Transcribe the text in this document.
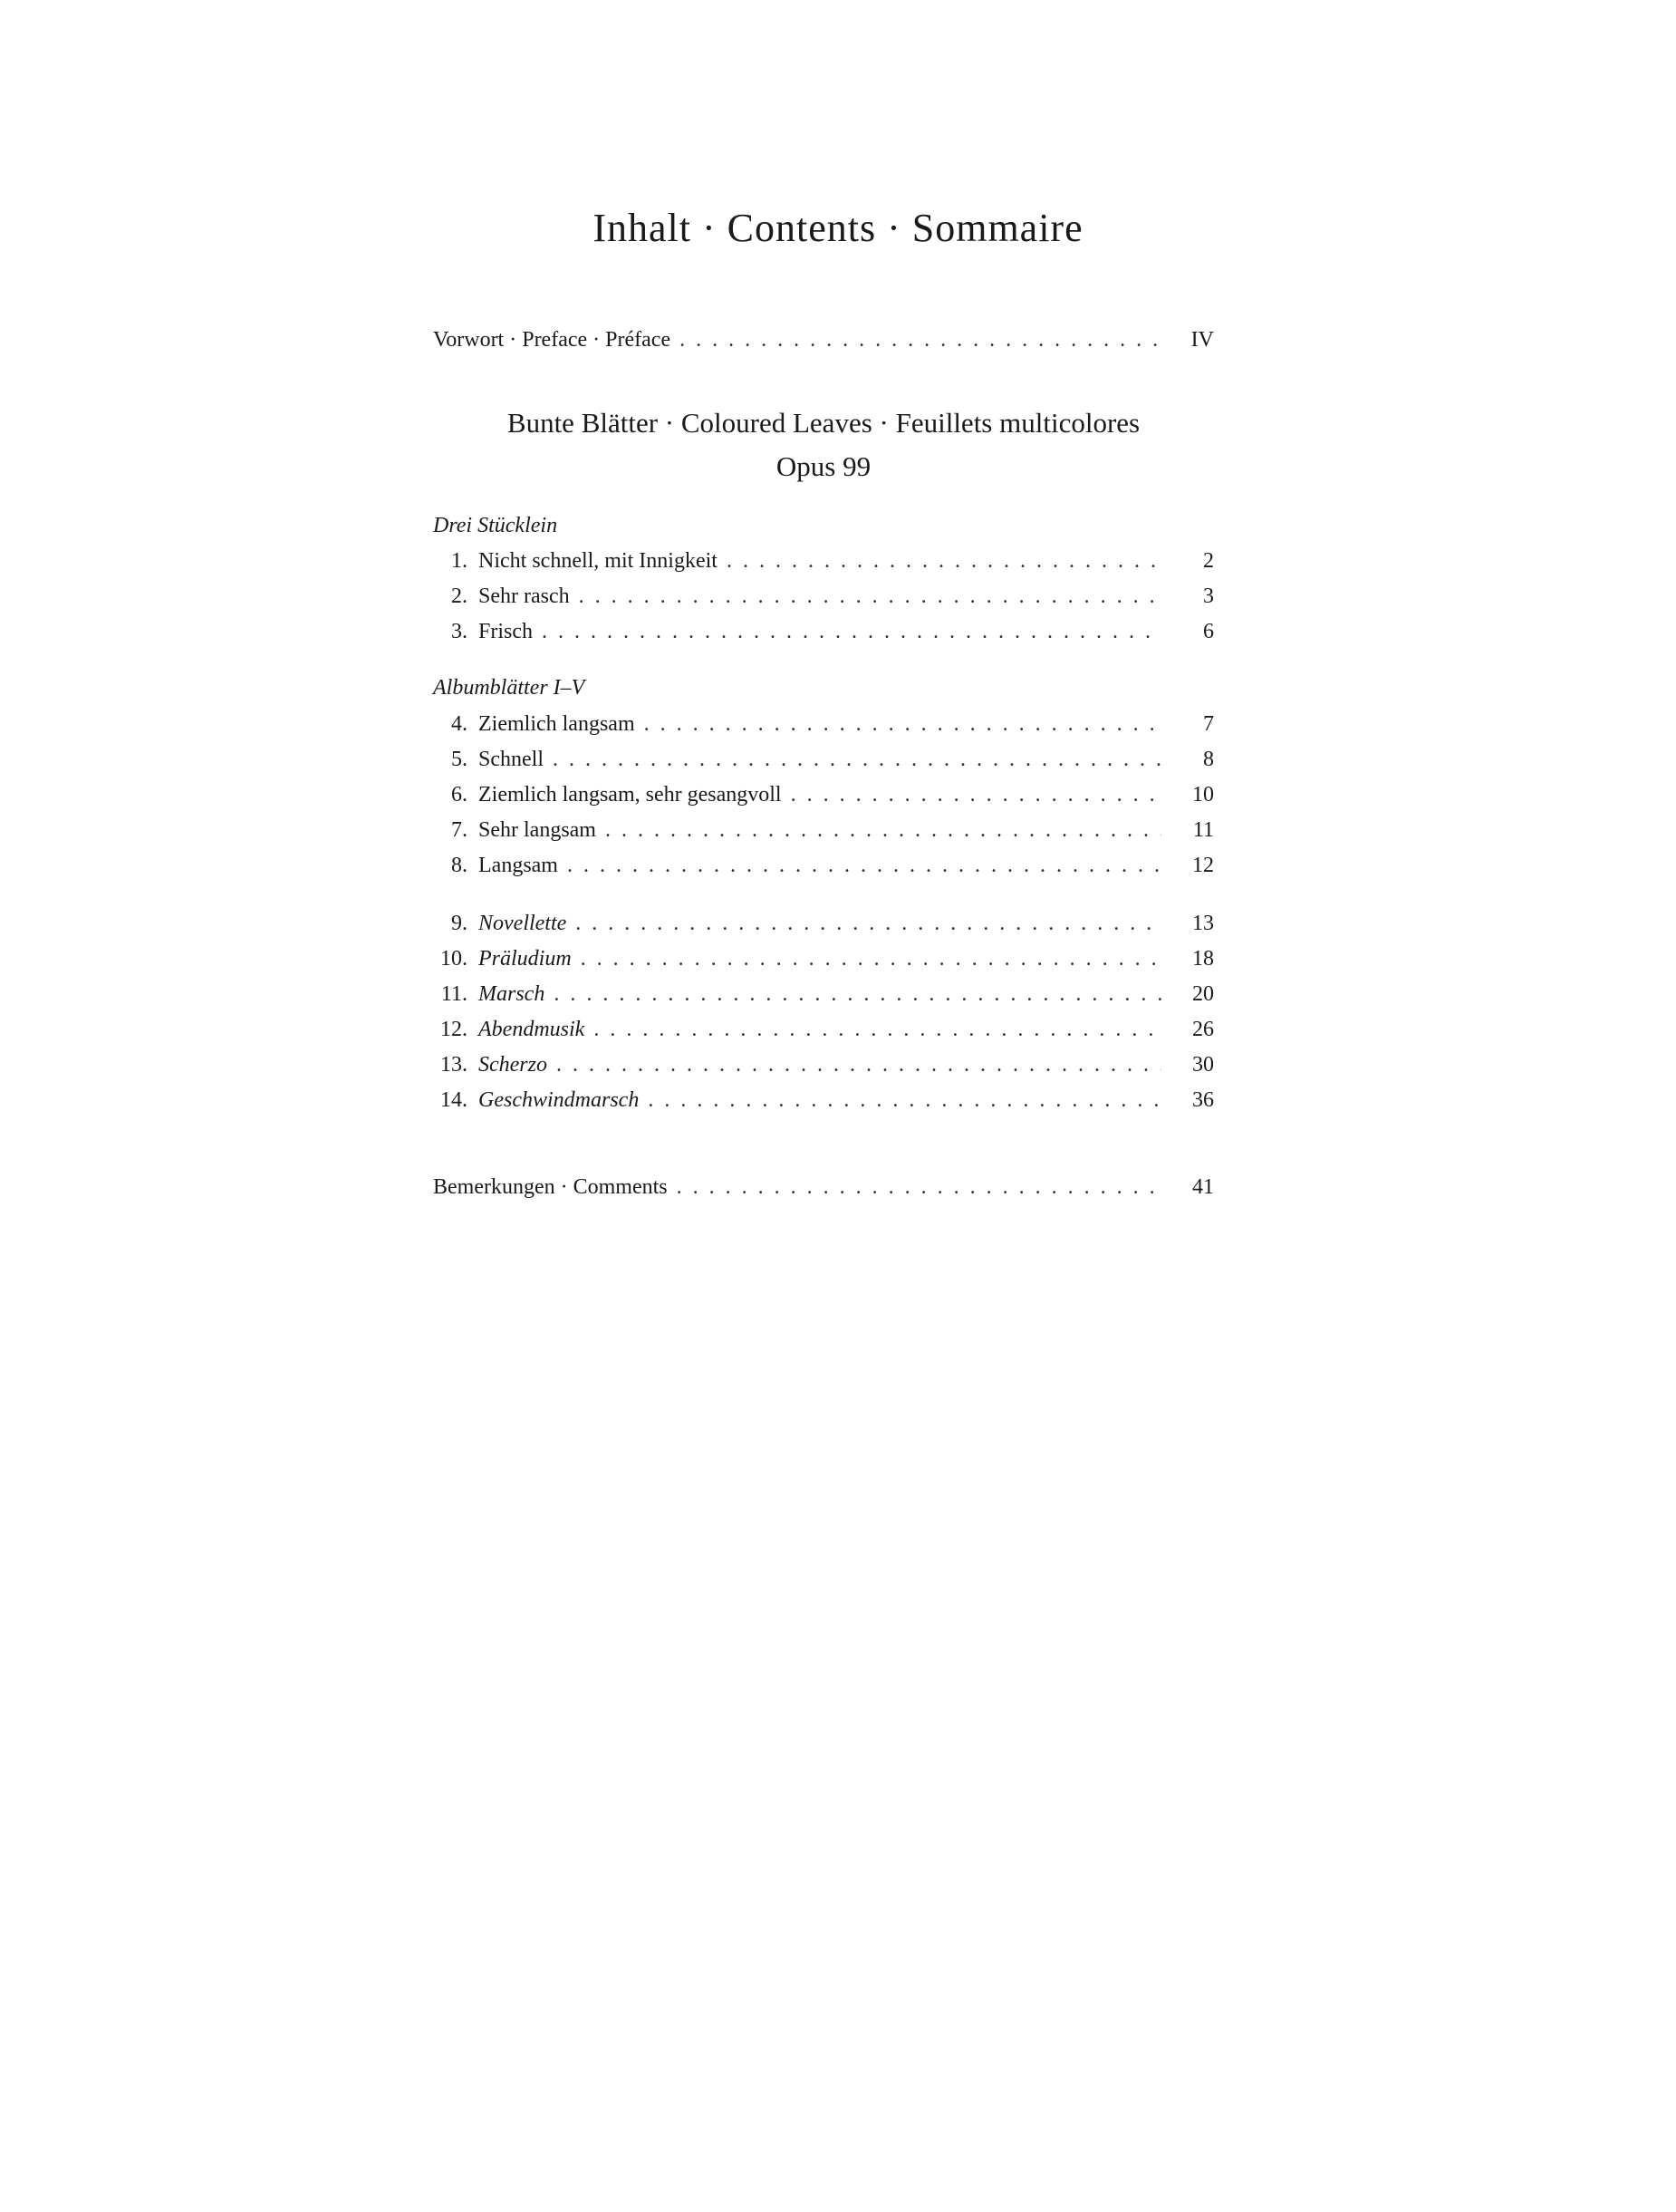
Inhalt · Contents · Sommaire
Vorwort · Preface · Préface . . .	IV
Bunte Blätter · Coloured Leaves · Feuillets multicolores
Opus 99
Drei Stücklein
1. Nicht schnell, mit Innigkeit . . .	2
2. Sehr rasch . . .	3
3. Frisch . . .	6
Albumblätter I–V
4. Ziemlich langsam . . .	7
5. Schnell . . .	8
6. Ziemlich langsam, sehr gesangvoll . . .	10
7. Sehr langsam . . .	11
8. Langsam . . .	12
9. Novellette . . .	13
10. Präludium . . .	18
11. Marsch . . .	20
12. Abendmusik . . .	26
13. Scherzo . . .	30
14. Geschwindmarsch . . .	36
Bemerkungen · Comments . . .	41
